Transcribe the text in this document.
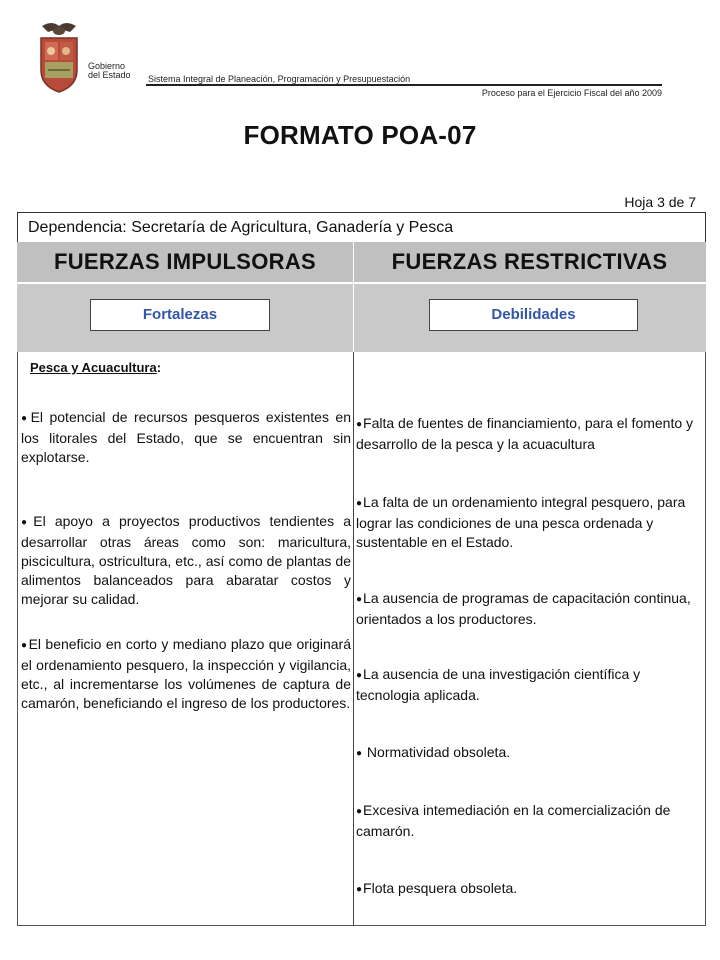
Gobierno
del Estado Sistema Integral de Planeación, Programación y Presupuestación
Proceso para el Ejercicio Fiscal del año 2009
FORMATO POA-07
Hoja 3 de 7
Dependencia: Secretaría de Agricultura, Ganadería y Pesca
FUERZAS IMPULSORAS	FUERZAS RESTRICTIVAS
Fortalezas	Debilidades
Pesca y Acuacultura:
● El potencial de recursos pesqueros existentes en los litorales del Estado, que se encuentran sin explotarse.
● El apoyo a proyectos productivos tendientes a desarrollar otras áreas como son: maricultura, piscicultura, ostricultura, etc., así como de plantas de alimentos balanceados para abaratar costos y mejorar su calidad.
● El beneficio en corto y mediano plazo que originará el ordenamiento pesquero, la inspección y vigilancia, etc., al incrementarse los volúmenes de captura de camarón, beneficiando el ingreso de los productores.
● Falta de fuentes de financiamiento, para el fomento y desarrollo de la pesca y la acuacultura
● La falta de un ordenamiento integral pesquero, para lograr las condiciones de una pesca ordenada y sustentable en el Estado.
● La ausencia de programas de capacitación continua, orientados a los productores.
● La ausencia de una investigación científica y tecnologia aplicada.
● Normatividad obsoleta.
● Excesiva intemediación en la comercialización de camarón.
● Flota pesquera obsoleta.
